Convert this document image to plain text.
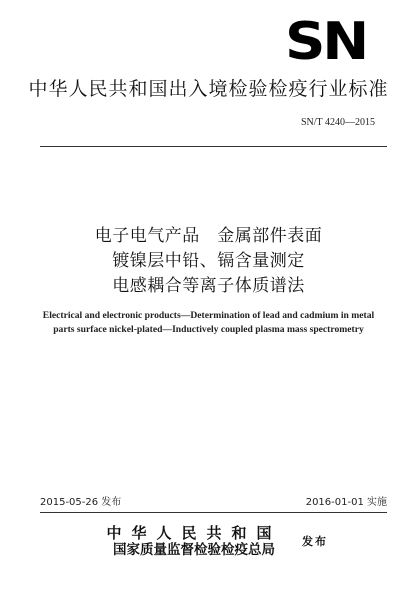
SN
中华人民共和国出入境检验检疫行业标准
SN/T 4240—2015
电子电气产品　金属部件表面
镀镍层中铅、镉含量测定
电感耦合等离子体质谱法
Electrical and electronic products—Determination of lead and cadmium in metal
parts surface nickel-plated—Inductively coupled plasma mass spectrometry
2015-05-26 发布	2016-01-01 实施
中华人民共和国
国家质量监督检验检疫总局
发布
